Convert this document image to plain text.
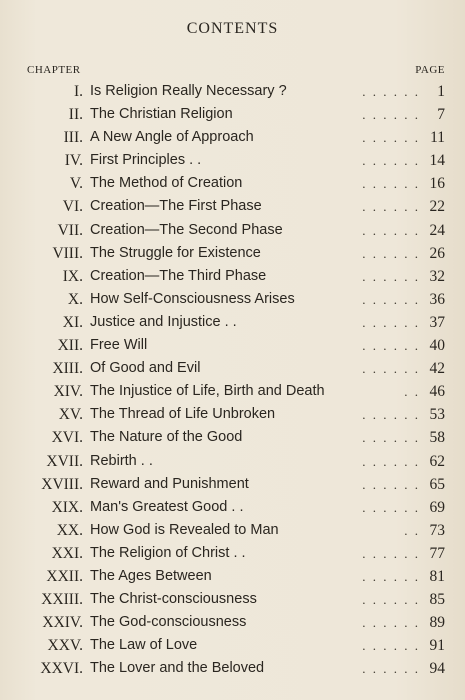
CONTENTS
CHAPTER	PAGE
I. Is Religion Really Necessary ?	. . . . . . 1
II. The Christian Religion	. . . . . . 7
III. A New Angle of Approach	. . . . . . 11
IV. First Principles . .	. . . . . . 14
V. The Method of Creation	. . . . . . 16
VI. Creation—The First Phase	. . . . . . 22
VII. Creation—The Second Phase	. . . . . . 24
VIII. The Struggle for Existence	. . . . . . 26
IX. Creation—The Third Phase	. . . . . . 32
X. How Self-Consciousness Arises	. . . . . . 36
XI. Justice and Injustice . .	. . . . . . 37
XII. Free Will	. . . . . . 40
XIII. Of Good and Evil	. . . . . . 42
XIV. The Injustice of Life, Birth and Death	. . 46
XV. The Thread of Life Unbroken	. . . . . . 53
XVI. The Nature of the Good	. . . . . . 58
XVII. Rebirth . .	. . . . . . 62
XVIII. Reward and Punishment	. . . . . . 65
XIX. Man's Greatest Good . .	. . . . . . 69
XX. How God is Revealed to Man	. . 73
XXI. The Religion of Christ . .	. . . . . . 77
XXII. The Ages Between	. . . . . . 81
XXIII. The Christ-consciousness	. . . . . . 85
XXIV. The God-consciousness	. . . . . . 89
XXV. The Law of Love	. . . . . . 91
XXVI. The Lover and the Beloved	. . . . . . 94
